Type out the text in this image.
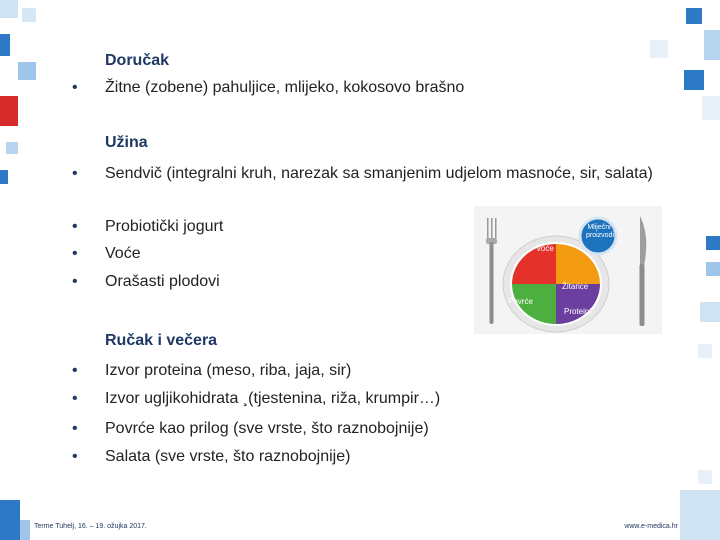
Doručak
• Žitne (zobene) pahuljice, mlijeko, kokosovo brašno
Užina
• Sendvič (integralni kruh, narezak sa smanjenim udjelom masnoće, sir, salata)
• Probiotički jogurt
• Voće
• Orašasti plodovi
Ručak i večera
• Izvor proteina (meso, riba, jaja, sir)
• Izvor ugljikohidrata ¸(tjestenina, riža, krumpir…)
• Povrće kao prilog (sve vrste, što raznobojnije)
• Salata (sve vrste, što raznobojnije)
Voće
Žitarice
Povrće
Proteini
Mliječni proizvodi
Terme Tuhelj, 16. – 19. ožujka 2017.	www.e-medica.hr
